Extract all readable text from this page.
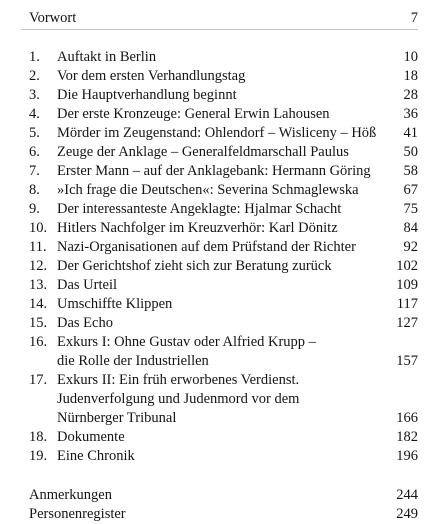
Vorwort	7
1. Auftakt in Berlin	10
2. Vor dem ersten Verhandlungstag	18
3. Die Hauptverhandlung beginnt	28
4. Der erste Kronzeuge: General Erwin Lahousen	36
5. Mörder im Zeugenstand: Ohlendorf – Wisliceny – Höß 41
6. Zeuge der Anklage – Generalfeldmarschall Paulus	50
7. Erster Mann – auf der Anklagebank: Hermann Göring 58
8. »Ich frage die Deutschen«: Severina Schmaglewska	67
9. Der interessanteste Angeklagte: Hjalmar Schacht	75
10. Hitlers Nachfolger im Kreuzverhör: Karl Dönitz	84
11. Nazi-Organisationen auf dem Prüfstand der Richter	92
12. Der Gerichtshof zieht sich zur Beratung zurück	102
13. Das Urteil	109
14. Umschiffte Klippen	117
15. Das Echo	127
16. Exkurs I: Ohne Gustav oder Alfried Krupp –
die Rolle der Industriellen	157
17. Exkurs II: Ein früh erworbenes Verdienst.
Judenverfolgung und Judenmord vor dem
Nürnberger Tribunal	166
18. Dokumente	182
19. Eine Chronik	196
Anmerkungen	244
Personenregister	249
